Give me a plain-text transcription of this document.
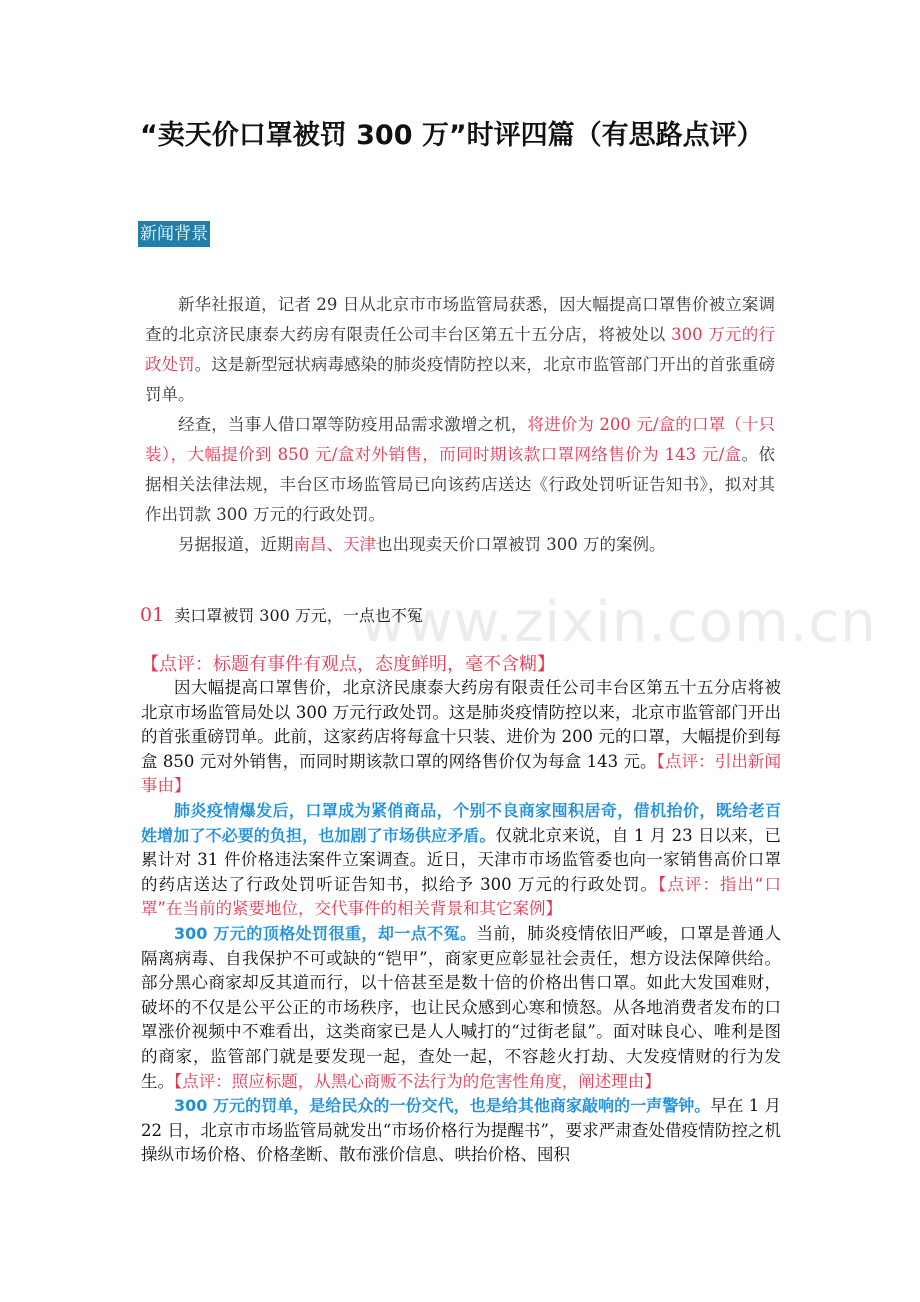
“卖天价口罩被罚 300 万”时评四篇（有思路点评）
新闻背景

新华社报道，记者 29 日从北京市市场监管局获悉，因大幅提高口罩售价被立案调查的北京济民康泰大药房有限责任公司丰台区第五十五分店，将被处以 300 万元的行政处罚。这是新型冠状病毒感染的肺炎疫情防控以来，北京市监管部门开出的首张重磅罚单。

经查，当事人借口罩等防疫用品需求激增之机，将进价为 200 元/盒的口罩（十只装），大幅提价到 850 元/盒对外销售，而同时期该款口罩网络售价为 143 元/盒。依据相关法律法规，丰台区市场监管局已向该药店送达《行政处罚听证告知书》，拟对其作出罚款 300 万元的行政处罚。

另据报道，近期南昌、天津也出现卖天价口罩被罚 300 万的案例。

www.zixin.com.cn
01 卖口罩被罚 300 万元，一点也不冤
【点评：标题有事件有观点，态度鲜明，毫不含糊】

因大幅提高口罩售价，北京济民康泰大药房有限责任公司丰台区第五十五分店将被北京市场监管局处以 300 万元行政处罚。这是肺炎疫情防控以来，北京市监管部门开出的首张重磅罚单。此前，这家药店将每盒十只装、进价为 200 元的口罩，大幅提价到每盒 850 元对外销售，而同时期该款口罩的网络售价仅为每盒 143 元。【点评：引出新闻事由】

肺炎疫情爆发后，口罩成为紧俏商品，个别不良商家囤积居奇，借机抬价，既给老百姓增加了不必要的负担，也加剧了市场供应矛盾。仅就北京来说，自 1 月 23 日以来，已累计对 31 件价格违法案件立案调查。近日，天津市市场监管委也向一家销售高价口罩的药店送达了行政处罚听证告知书，拟给予 300 万元的行政处罚。【点评：指出“口罩”在当前的紧要地位，交代事件的相关背景和其它案例】

300 万元的顶格处罚很重，却一点不冤。当前，肺炎疫情依旧严峻，口罩是普通人隔离病毒、自我保护不可或缺的“铠甲”，商家更应彰显社会责任，想方设法保障供给。部分黑心商家却反其道而行，以十倍甚至是数十倍的价格出售口罩。如此大发国难财，破坏的不仅是公平公正的市场秩序，也让民众感到心寒和愤怒。从各地消费者发布的口罩涨价视频中不难看出，这类商家已是人人喊打的“过街老鼠”。面对昧良心、唯利是图的商家，监管部门就是要发现一起，查处一起，不容趁火打劫、大发疫情财的行为发生。【点评：照应标题，从黑心商贩不法行为的危害性角度，阐述理由】

300 万元的罚单，是给民众的一份交代，也是给其他商家敲响的一声警钟。早在 1 月 22 日，北京市市场监管局就发出“市场价格行为提醒书”，要求严肃查处借疫情防控之机操纵市场价格、价格垄断、散布涨价信息、哄抬价格、囤积
